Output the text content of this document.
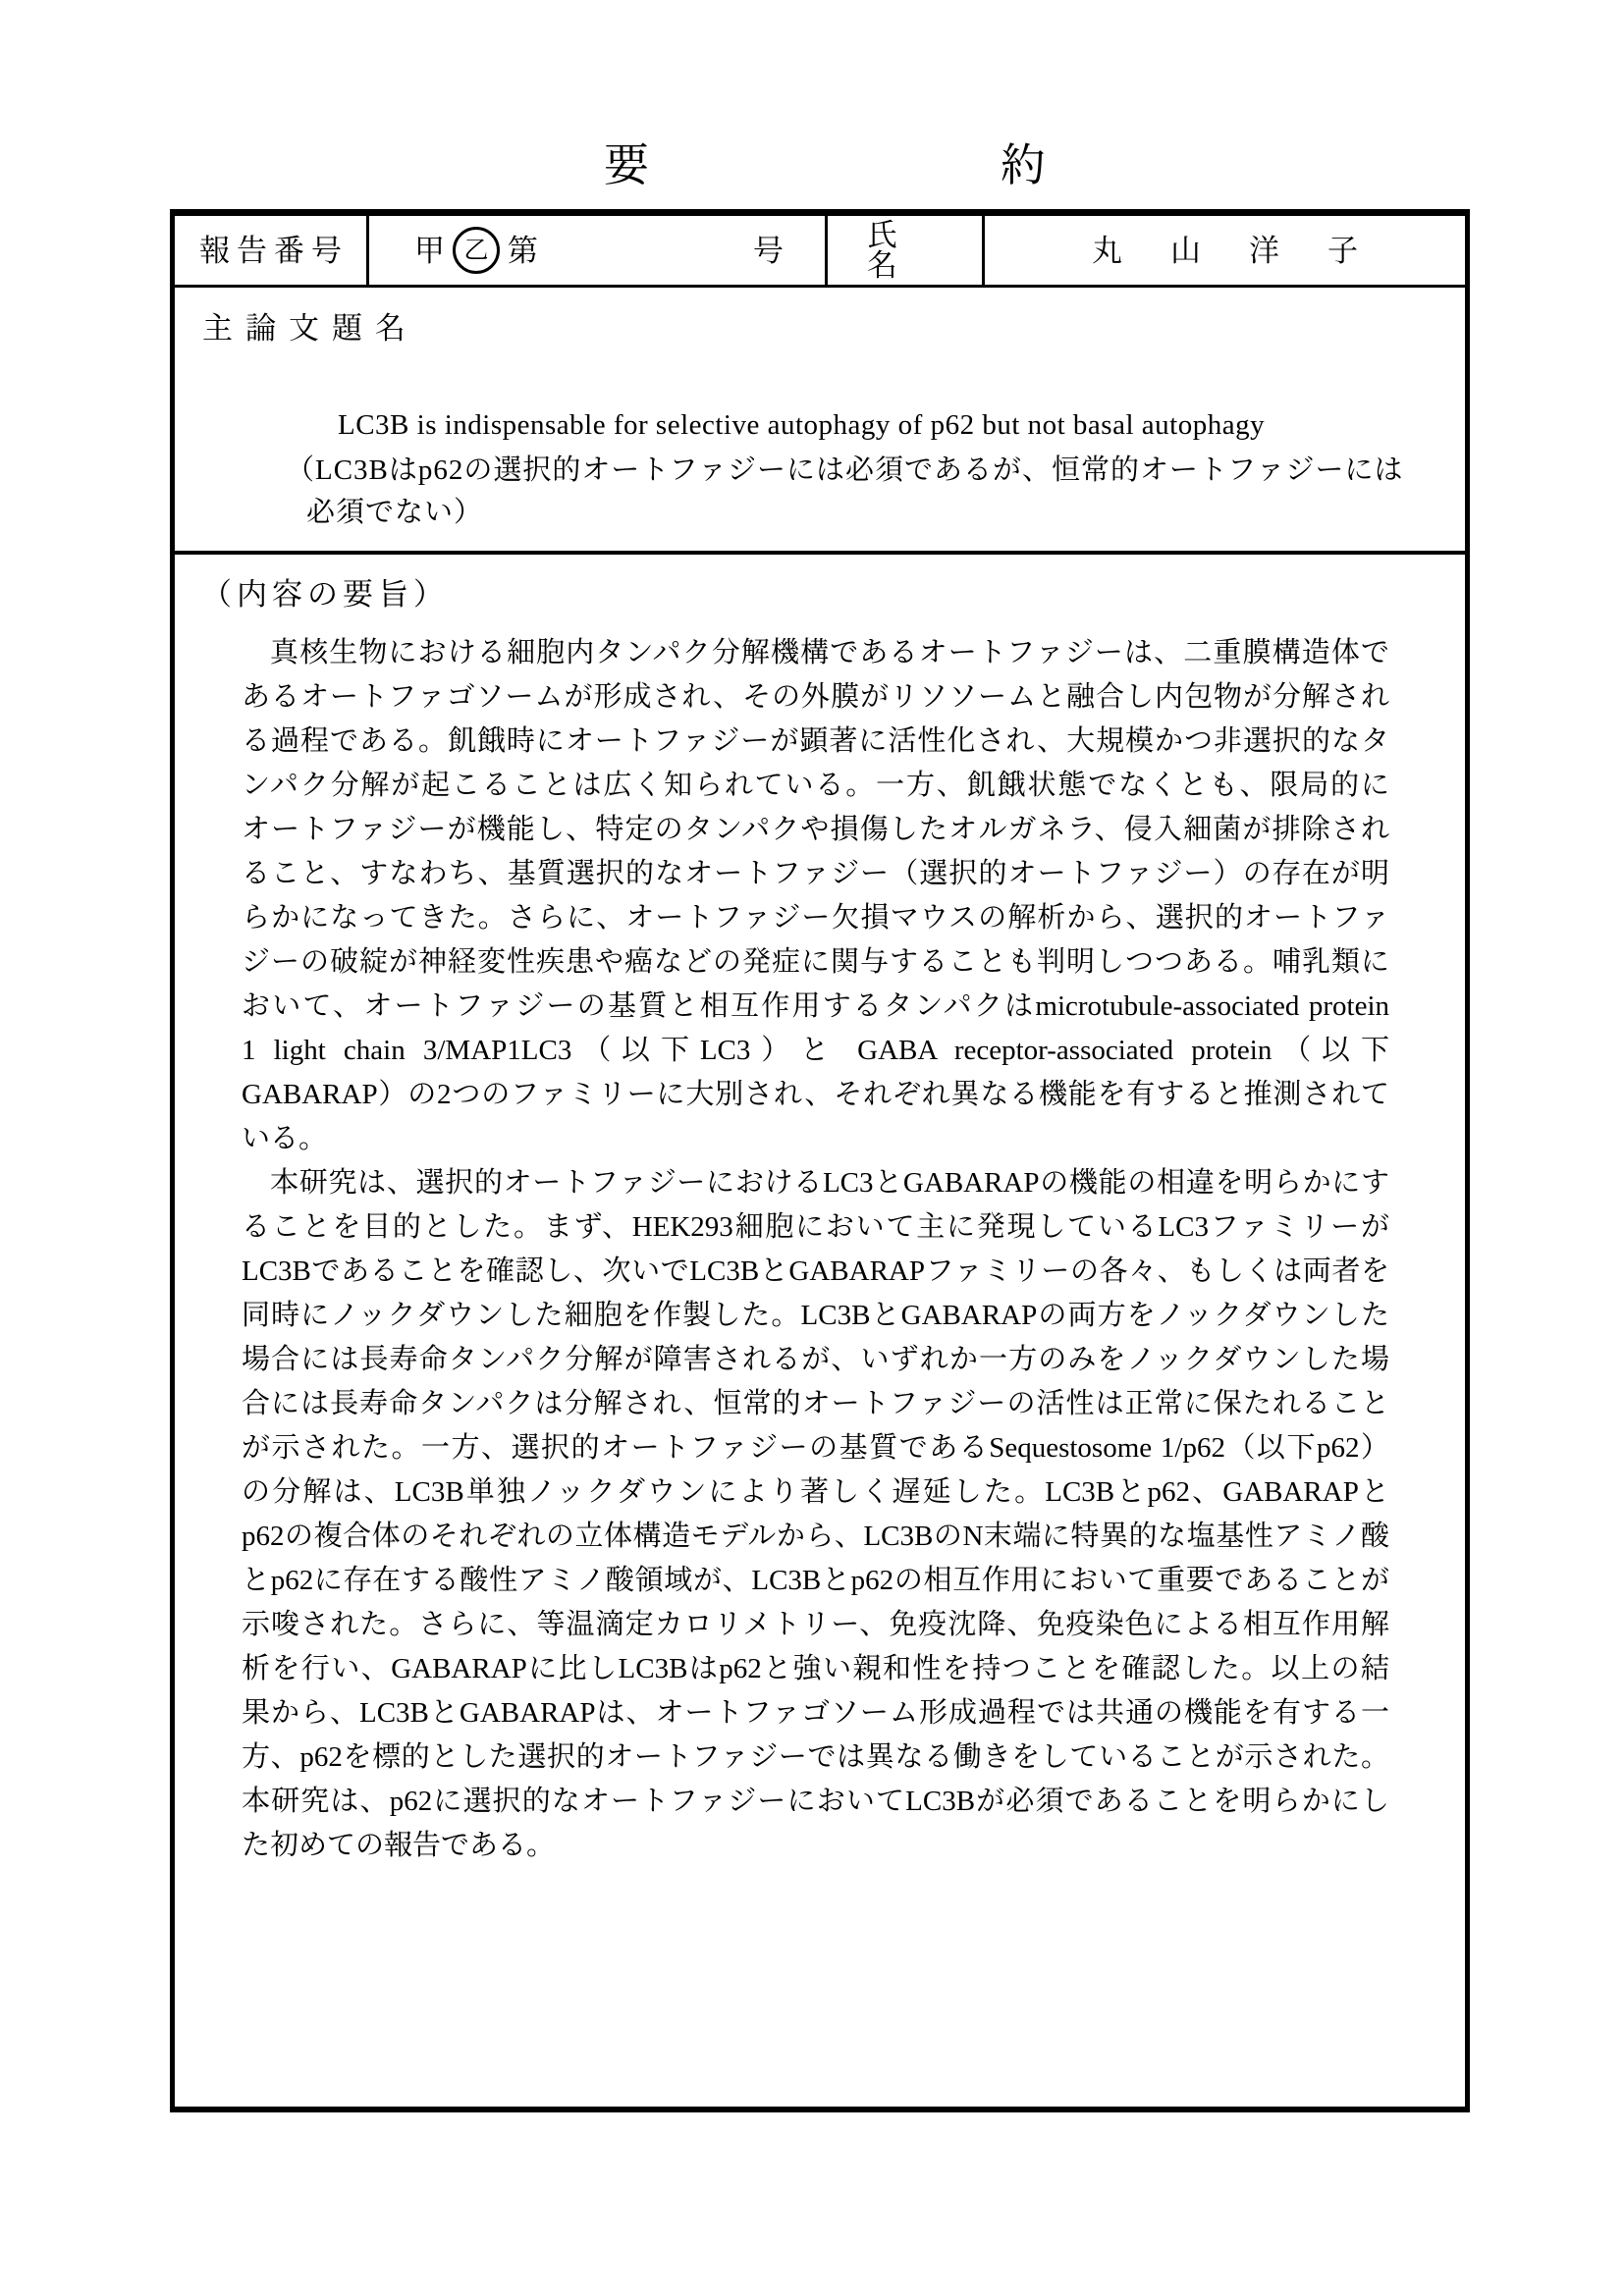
要	約
報告番号	甲 乙 第	号	氏名	丸山洋子
主論文題名
LC3B is indispensable for selective autophagy of p62 but not basal autophagy
（LC3Bはp62の選択的オートファジーには必須であるが、恒常的オートファジーには
必須でない）
（内容の要旨）
真核生物における細胞内タンパク分解機構であるオートファジーは、二重膜構造体で
あるオートファゴソームが形成され、その外膜がリソソームと融合し内包物が分解され
る過程である。飢餓時にオートファジーが顕著に活性化され、大規模かつ非選択的なタ
ンパク分解が起こることは広く知られている。一方、飢餓状態でなくとも、限局的に
オートファジーが機能し、特定のタンパクや損傷したオルガネラ、侵入細菌が排除され
ること、すなわち、基質選択的なオートファジー（選択的オートファジー）の存在が明
らかになってきた。さらに、オートファジー欠損マウスの解析から、選択的オートファ
ジーの破綻が神経変性疾患や癌などの発症に関与することも判明しつつある。哺乳類に
おいて、オートファジーの基質と相互作用するタンパクはmicrotubule-associated protein
1 light chain 3/MAP1LC3（以下LC3）と GABA receptor-associated protein（以下
GABARAP）の2つのファミリーに大別され、それぞれ異なる機能を有すると推測されて
いる。
本研究は、選択的オートファジーにおけるLC3とGABARAPの機能の相違を明らかにす
ることを目的とした。まず、HEK293細胞において主に発現しているLC3ファミリーが
LC3Bであることを確認し、次いでLC3BとGABARAPファミリーの各々、もしくは両者を
同時にノックダウンした細胞を作製した。LC3BとGABARAPの両方をノックダウンした
場合には長寿命タンパク分解が障害されるが、いずれか一方のみをノックダウンした場
合には長寿命タンパクは分解され、恒常的オートファジーの活性は正常に保たれること
が示された。一方、選択的オートファジーの基質であるSequestosome 1/p62（以下p62）
の分解は、LC3B単独ノックダウンにより著しく遅延した。LC3Bとp62、GABARAPと
p62の複合体のそれぞれの立体構造モデルから、LC3BのN末端に特異的な塩基性アミノ酸
とp62に存在する酸性アミノ酸領域が、LC3Bとp62の相互作用において重要であることが
示唆された。さらに、等温滴定カロリメトリー、免疫沈降、免疫染色による相互作用解
析を行い、GABARAPに比しLC3Bはp62と強い親和性を持つことを確認した。以上の結
果から、LC3BとGABARAPは、オートファゴソーム形成過程では共通の機能を有する一
方、p62を標的とした選択的オートファジーでは異なる働きをしていることが示された。
本研究は、p62に選択的なオートファジーにおいてLC3Bが必須であることを明らかにし
た初めての報告である。
